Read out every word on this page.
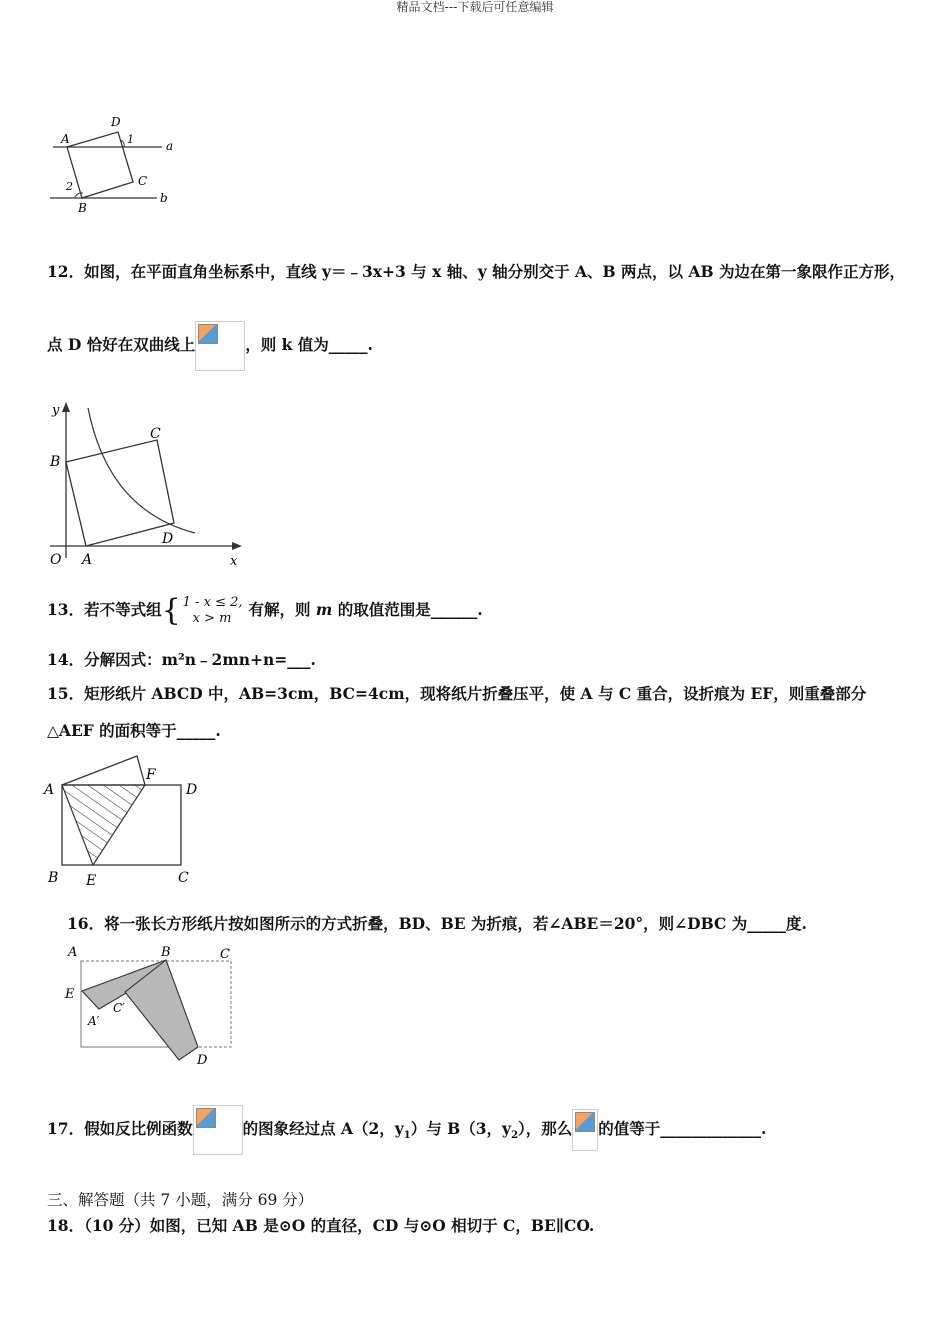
精品文档---下载后可任意编辑
A
D
C
B
1
2
a
b
12．如图，在平面直角坐标系中，直线 y＝﹣3x+3 与 x 轴、y 轴分别交于 A、B 两点，以 AB 为边在第一象限作正方形，
点 D 恰好在双曲线上	，则 k 值为_____.
y
x
O A
B
C
D
13．若不等式组{ 1 - x ≤ 2,
x > m	有解，则 m 的取值范围是______.
14．分解因式：m²n﹣2mn+n=___.
15．矩形纸片 ABCD 中，AB=3cm，BC=4cm，现将纸片折叠压平，使 A 与 C 重合，设折痕为 EF，则重叠部分
△AEF 的面积等于_____.
A
F
D
B E	C
16．将一张长方形纸片按如图所示的方式折叠，BD、BE 为折痕，若∠ABE＝20°，则∠DBC 为_____度.
A	B	C
E
A′
C′
D
17．假如反比例函数	的图象经过点 A（2，$y_1$）与 B（3，$y_2$），那么 的值等于_____________.
三、解答题（共 7 小题，满分 69 分）
18．（10 分）如图，已知 AB 是⊙O 的直径，CD 与⊙O 相切于 C，BE∥CO.
